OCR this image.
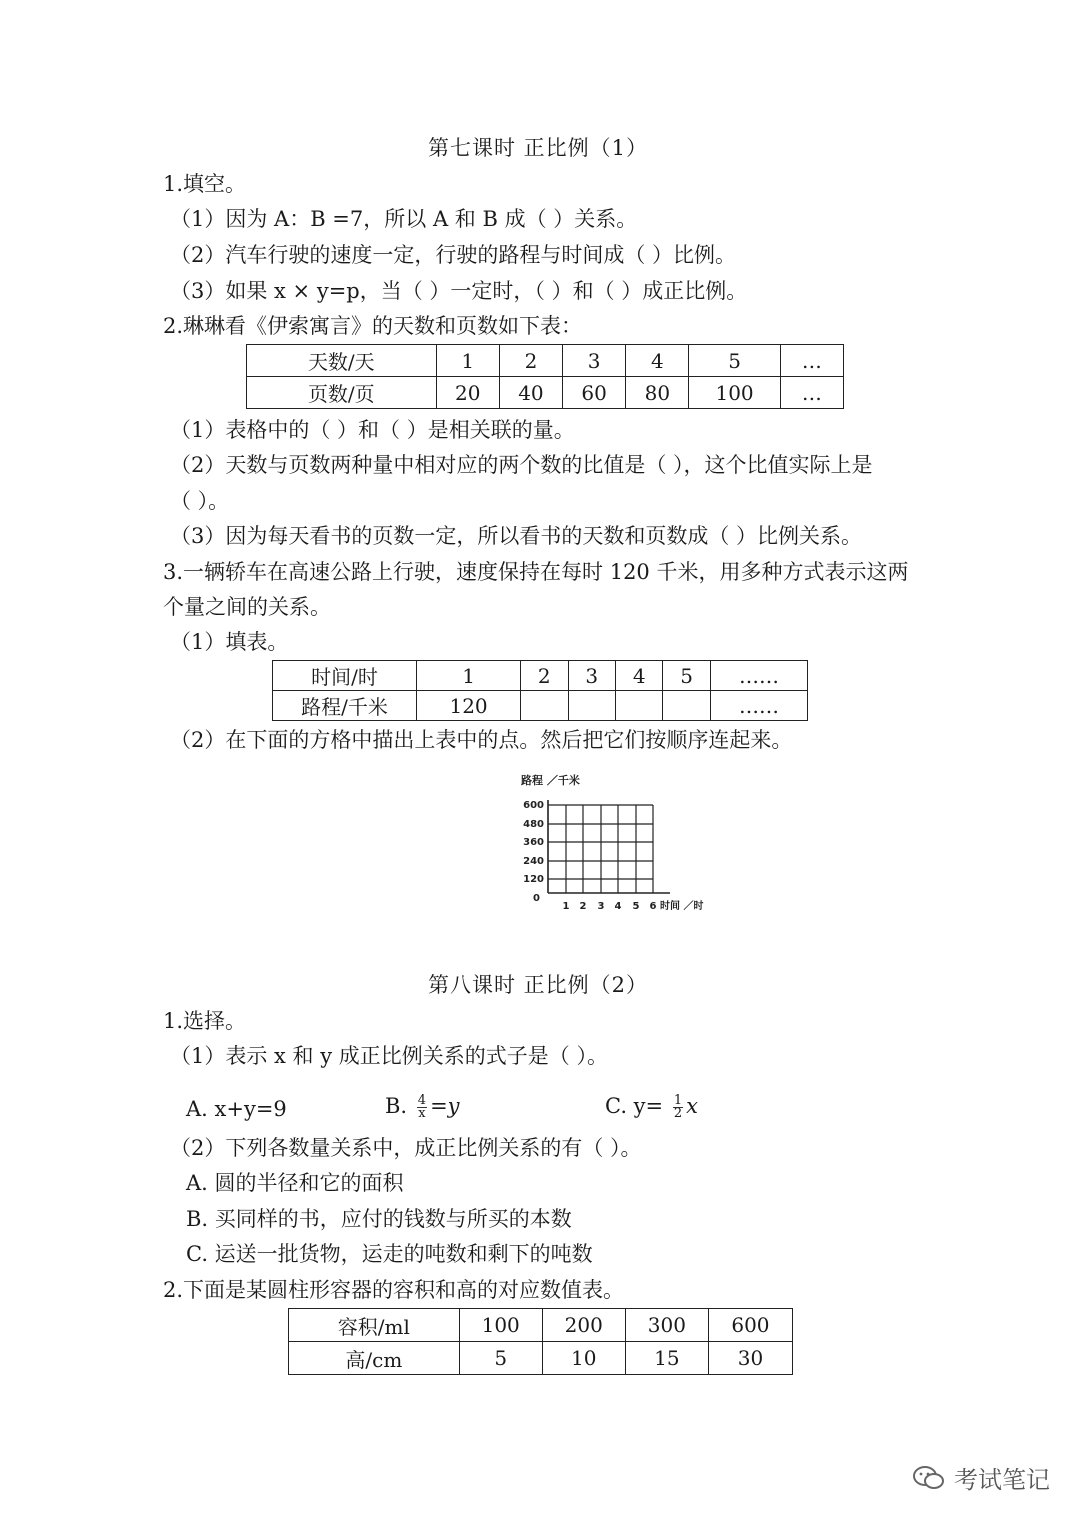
第七课时 正比例（1）
1.填空。
（1）因为 A：B =7，所以 A 和 B 成（ ）关系。
（2）汽车行驶的速度一定，行驶的路程与时间成（ ）比例。
（3）如果 x × y=p，当（ ）一定时，（ ）和（ ）成正比例。
2.琳琳看《伊索寓言》的天数和页数如下表：
天数/天	1	2	3	4	5	…
页数/页	20	40	60	80	100	…
（1）表格中的（ ）和（ ）是相关联的量。
（2）天数与页数两种量中相对应的两个数的比值是（ ），这个比值实际上是
（ ）。
（3）因为每天看书的页数一定，所以看书的天数和页数成（ ）比例关系。
3.一辆轿车在高速公路上行驶，速度保持在每时 120 千米，用多种方式表示这两
个量之间的关系。
（1）填表。
时间/时	1	2	3	4	5	……
路程/千米	120					……
（2）在下面的方格中描出上表中的点。然后把它们按顺序连起来。
路程 ／千米
600
480
360
240
120
0
1 2 3 4 5 6 时间 ／时
第八课时 正比例（2）
1.选择。
（1）表示 x 和 y 成正比例关系的式子是（ ）。
A. x+y=9	B. $\frac{4}{x} =y$	C. $y= \frac{1}{2}$ x
（2）下列各数量关系中，成正比例关系的有（ ）。
A. 圆的半径和它的面积
B. 买同样的书，应付的钱数与所买的本数
C. 运送一批货物，运走的吨数和剩下的吨数
2.下面是某圆柱形容器的容积和高的对应数值表。
容积/ml	100	200	300	600
高/cm	5	10	15	30
考试笔记
